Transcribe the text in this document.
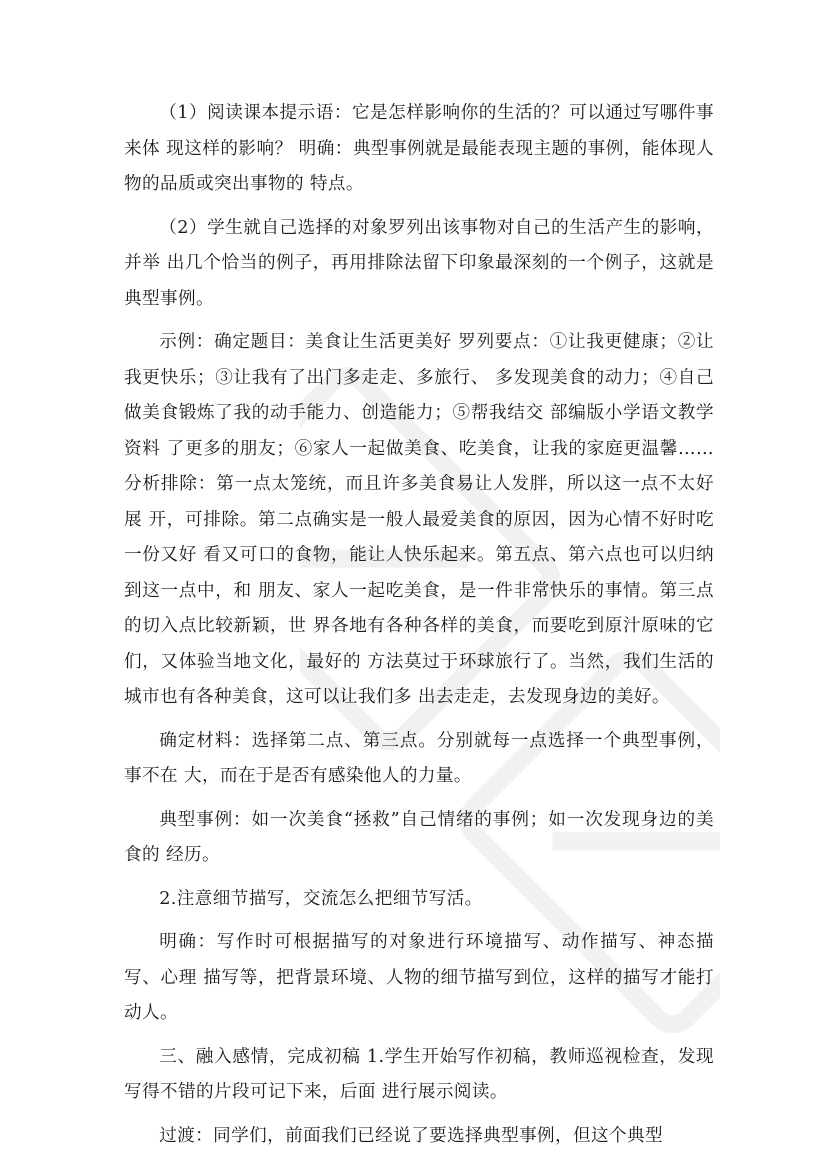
（1）阅读课本提示语：它是怎样影响你的生活的？可以通过写哪件事来体 现这样的影响？ 明确：典型事例就是最能表现主题的事例，能体现人物的品质或突出事物的 特点。

（2）学生就自己选择的对象罗列出该事物对自己的生活产生的影响，并举 出几个恰当的例子，再用排除法留下印象最深刻的一个例子，这就是典型事例。

示例：确定题目：美食让生活更美好 罗列要点：①让我更健康；②让我更快乐；③让我有了出门多走走、多旅行、 多发现美食的动力；④自己做美食锻炼了我的动手能力、创造能力；⑤帮我结交 部编版小学语文教学资料 了更多的朋友；⑥家人一起做美食、吃美食，让我的家庭更温馨…… 分析排除：第一点太笼统，而且许多美食易让人发胖，所以这一点不太好展 开，可排除。第二点确实是一般人最爱美食的原因，因为心情不好时吃一份又好 看又可口的食物，能让人快乐起来。第五点、第六点也可以归纳到这一点中，和 朋友、家人一起吃美食，是一件非常快乐的事情。第三点的切入点比较新颖，世 界各地有各种各样的美食，而要吃到原汁原味的它们，又体验当地文化，最好的 方法莫过于环球旅行了。当然，我们生活的城市也有各种美食，这可以让我们多 出去走走，去发现身边的美好。

确定材料：选择第二点、第三点。分别就每一点选择一个典型事例，事不在 大，而在于是否有感染他人的力量。

典型事例：如一次美食“拯救”自己情绪的事例；如一次发现身边的美食的 经历。

2.注意细节描写，交流怎么把细节写活。

明确：写作时可根据描写的对象进行环境描写、动作描写、神态描写、心理 描写等，把背景环境、人物的细节描写到位，这样的描写才能打动人。

三、融入感情，完成初稿 1.学生开始写作初稿，教师巡视检查，发现写得不错的片段可记下来，后面 进行展示阅读。

过渡：同学们，前面我们已经说了要选择典型事例，但这个典型
